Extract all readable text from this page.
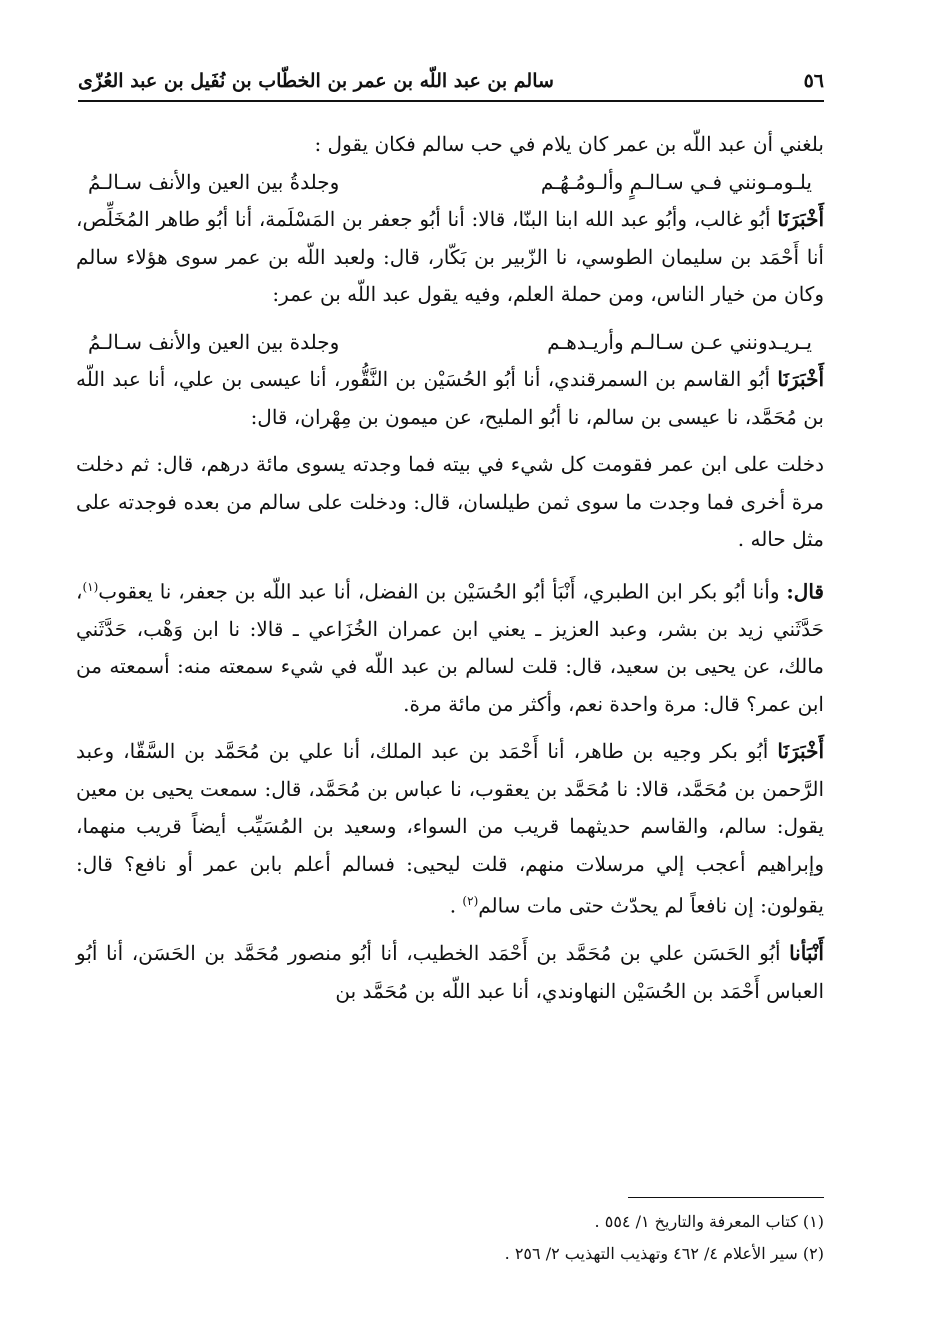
٥٦
سالم بن عبد اللّه بن عمر بن الخطّاب بن نُفَيل بن عبد العُزّى

بلغني أن عبد اللّه بن عمر كان يلام في حب سالم فكان يقول :

يلـومـونني فـي سـالـمٍ وألـومُـهُـم
وجلدةُ بين العين والأنف سـالـمُ

أَخْبَرَنَا أبُو غالب، وأبُو عبد الله ابنا البنّا، قالا: أنا أبُو جعفر بن المَسْلَمة، أنا أبُو طاهر المُخَلِّص، أنا أَحْمَد بن سليمان الطوسي، نا الزّبير بن بَكّار، قال: ولعبد اللّه بن عمر سوى هؤلاء سالم وكان من خيار الناس، ومن حملة العلم، وفيه يقول عبد اللّه بن عمر:

يـريـدونني عـن سـالـم وأريـدهـم
وجلدة بين العين والأنف سـالـمُ

أَخْبَرَنَا أبُو القاسم بن السمرقندي، أنا أبُو الحُسَيْن بن النَّقُّور، أنا عيسى بن علي، أنا عبد اللّه بن مُحَمَّد، نا عيسى بن سالم، نا أبُو المليح، عن ميمون بن مِهْران، قال:

دخلت على ابن عمر فقومت كل شيء في بيته فما وجدته يسوى مائة درهم، قال: ثم دخلت مرة أخرى فما وجدت ما سوى ثمن طيلسان، قال: ودخلت على سالم من بعده فوجدته على مثل حاله .

قال: وأنا أبُو بكر ابن الطبري، أَنْبَأ أبُو الحُسَيْن بن الفضل، أنا عبد اللّه بن جعفر، نا يعقوب$^{(١)}$، حَدَّثَني زيد بن بشر، وعبد العزيز ـ يعني ابن عمران الخُزَاعي ـ قالا: نا ابن وَهْب، حَدَّثَني مالك، عن يحيى بن سعيد، قال: قلت لسالم بن عبد اللّه في شيء سمعته منه: أسمعته من ابن عمر؟ قال: مرة واحدة نعم، وأكثر من مائة مرة.

أَخْبَرَنَا أبُو بكر وجيه بن طاهر، أنا أَحْمَد بن عبد الملك، أنا علي بن مُحَمَّد بن السَّقّا، وعبد الرَّحمن بن مُحَمَّد، قالا: نا مُحَمَّد بن يعقوب، نا عباس بن مُحَمَّد، قال: سمعت يحيى بن معين يقول: سالم، والقاسم حديثهما قريب من السواء، وسعيد بن المُسَيِّب أيضاً قريب منهما، وإبراهيم أعجب إلي مرسلات منهم، قلت ليحيى: فسالم أعلم بابن عمر أو نافع؟ قال: يقولون: إن نافعاً لم يحدّث حتى مات سالم$^{(٢)}$ .

أَنْبَأنا أبُو الحَسَن علي بن مُحَمَّد بن أَحْمَد الخطيب، أنا أبُو منصور مُحَمَّد بن الحَسَن، أنا أبُو العباس أَحْمَد بن الحُسَيْن النهاوندي، أنا عبد اللّه بن مُحَمَّد بن

(١) كتاب المعرفة والتاريخ ١/ ٥٥٤ .

(٢) سير الأعلام ٤/ ٤٦٢ وتهذيب التهذيب ٢/ ٢٥٦ .
